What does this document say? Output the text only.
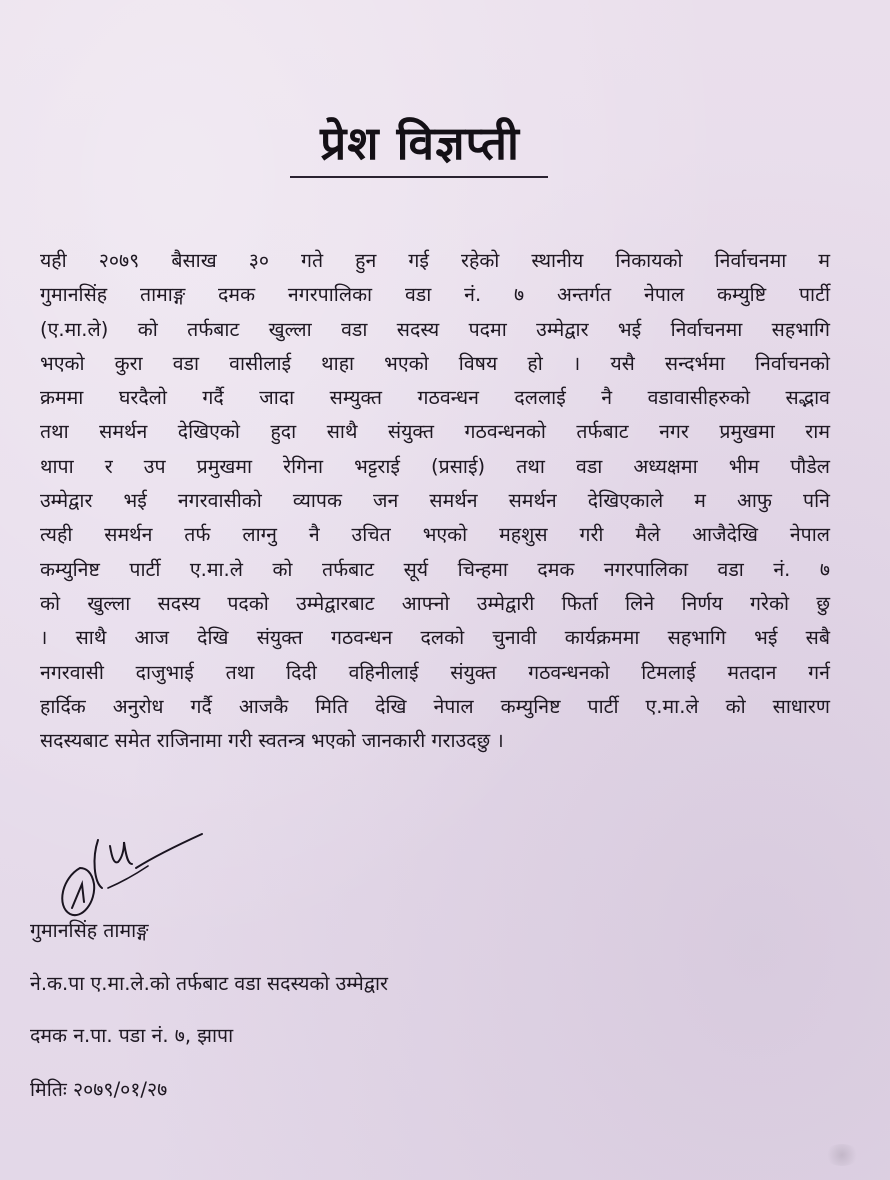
प्रेश विज्ञप्ती
यही २०७९ बैसाख ३० गते हुन गई रहेको स्थानीय निकायको निर्वाचनमा म
गुमानसिंह तामाङ्ग दमक नगरपालिका वडा नं. ७ अन्तर्गत नेपाल कम्युष्टि पार्टी
(ए.मा.ले) को तर्फबाट खुल्ला वडा सदस्य पदमा उम्मेद्वार भई निर्वाचनमा सहभागि
भएको कुरा वडा वासीलाई थाहा भएको विषय हो । यसै सन्दर्भमा निर्वाचनको
क्रममा घरदैलो गर्दै जादा सम्युक्त गठवन्धन दललाई नै वडावासीहरुको सद्भाव
तथा समर्थन देखिएको हुदा साथै संयुक्त गठवन्धनको तर्फबाट नगर प्रमुखमा राम
थापा र उप प्रमुखमा रेगिना भट्टराई (प्रसाई) तथा वडा अध्यक्षमा भीम पौडेल
उम्मेद्वार भई नगरवासीको व्यापक जन समर्थन समर्थन देखिएकाले म आफु पनि
त्यही समर्थन तर्फ लाग्नु नै उचित भएको महशुस गरी मैले आजैदेखि नेपाल
कम्युनिष्ट पार्टी ए.मा.ले को तर्फबाट सूर्य चिन्हमा दमक नगरपालिका वडा नं. ७
को खुल्ला सदस्य पदको उम्मेद्वारबाट आफ्नो उम्मेद्वारी फिर्ता लिने निर्णय गरेको छु
। साथै आज देखि संयुक्त गठवन्धन दलको चुनावी कार्यक्रममा सहभागि भई सबै
नगरवासी दाजुभाई तथा दिदी वहिनीलाई संयुक्त गठवन्धनको टिमलाई मतदान गर्न
हार्दिक अनुरोध गर्दै आजकै मिति देखि नेपाल कम्युनिष्ट पार्टी ए.मा.ले को साधारण
सदस्यबाट समेत राजिनामा गरी स्वतन्त्र भएको जानकारी गराउदछु ।
गुमानसिंह तामाङ्ग
ने.क.पा ए.मा.ले.को तर्फबाट वडा सदस्यको उम्मेद्वार
दमक न.पा. पडा नं. ७, झापा
मितिः २०७९/०१/२७
